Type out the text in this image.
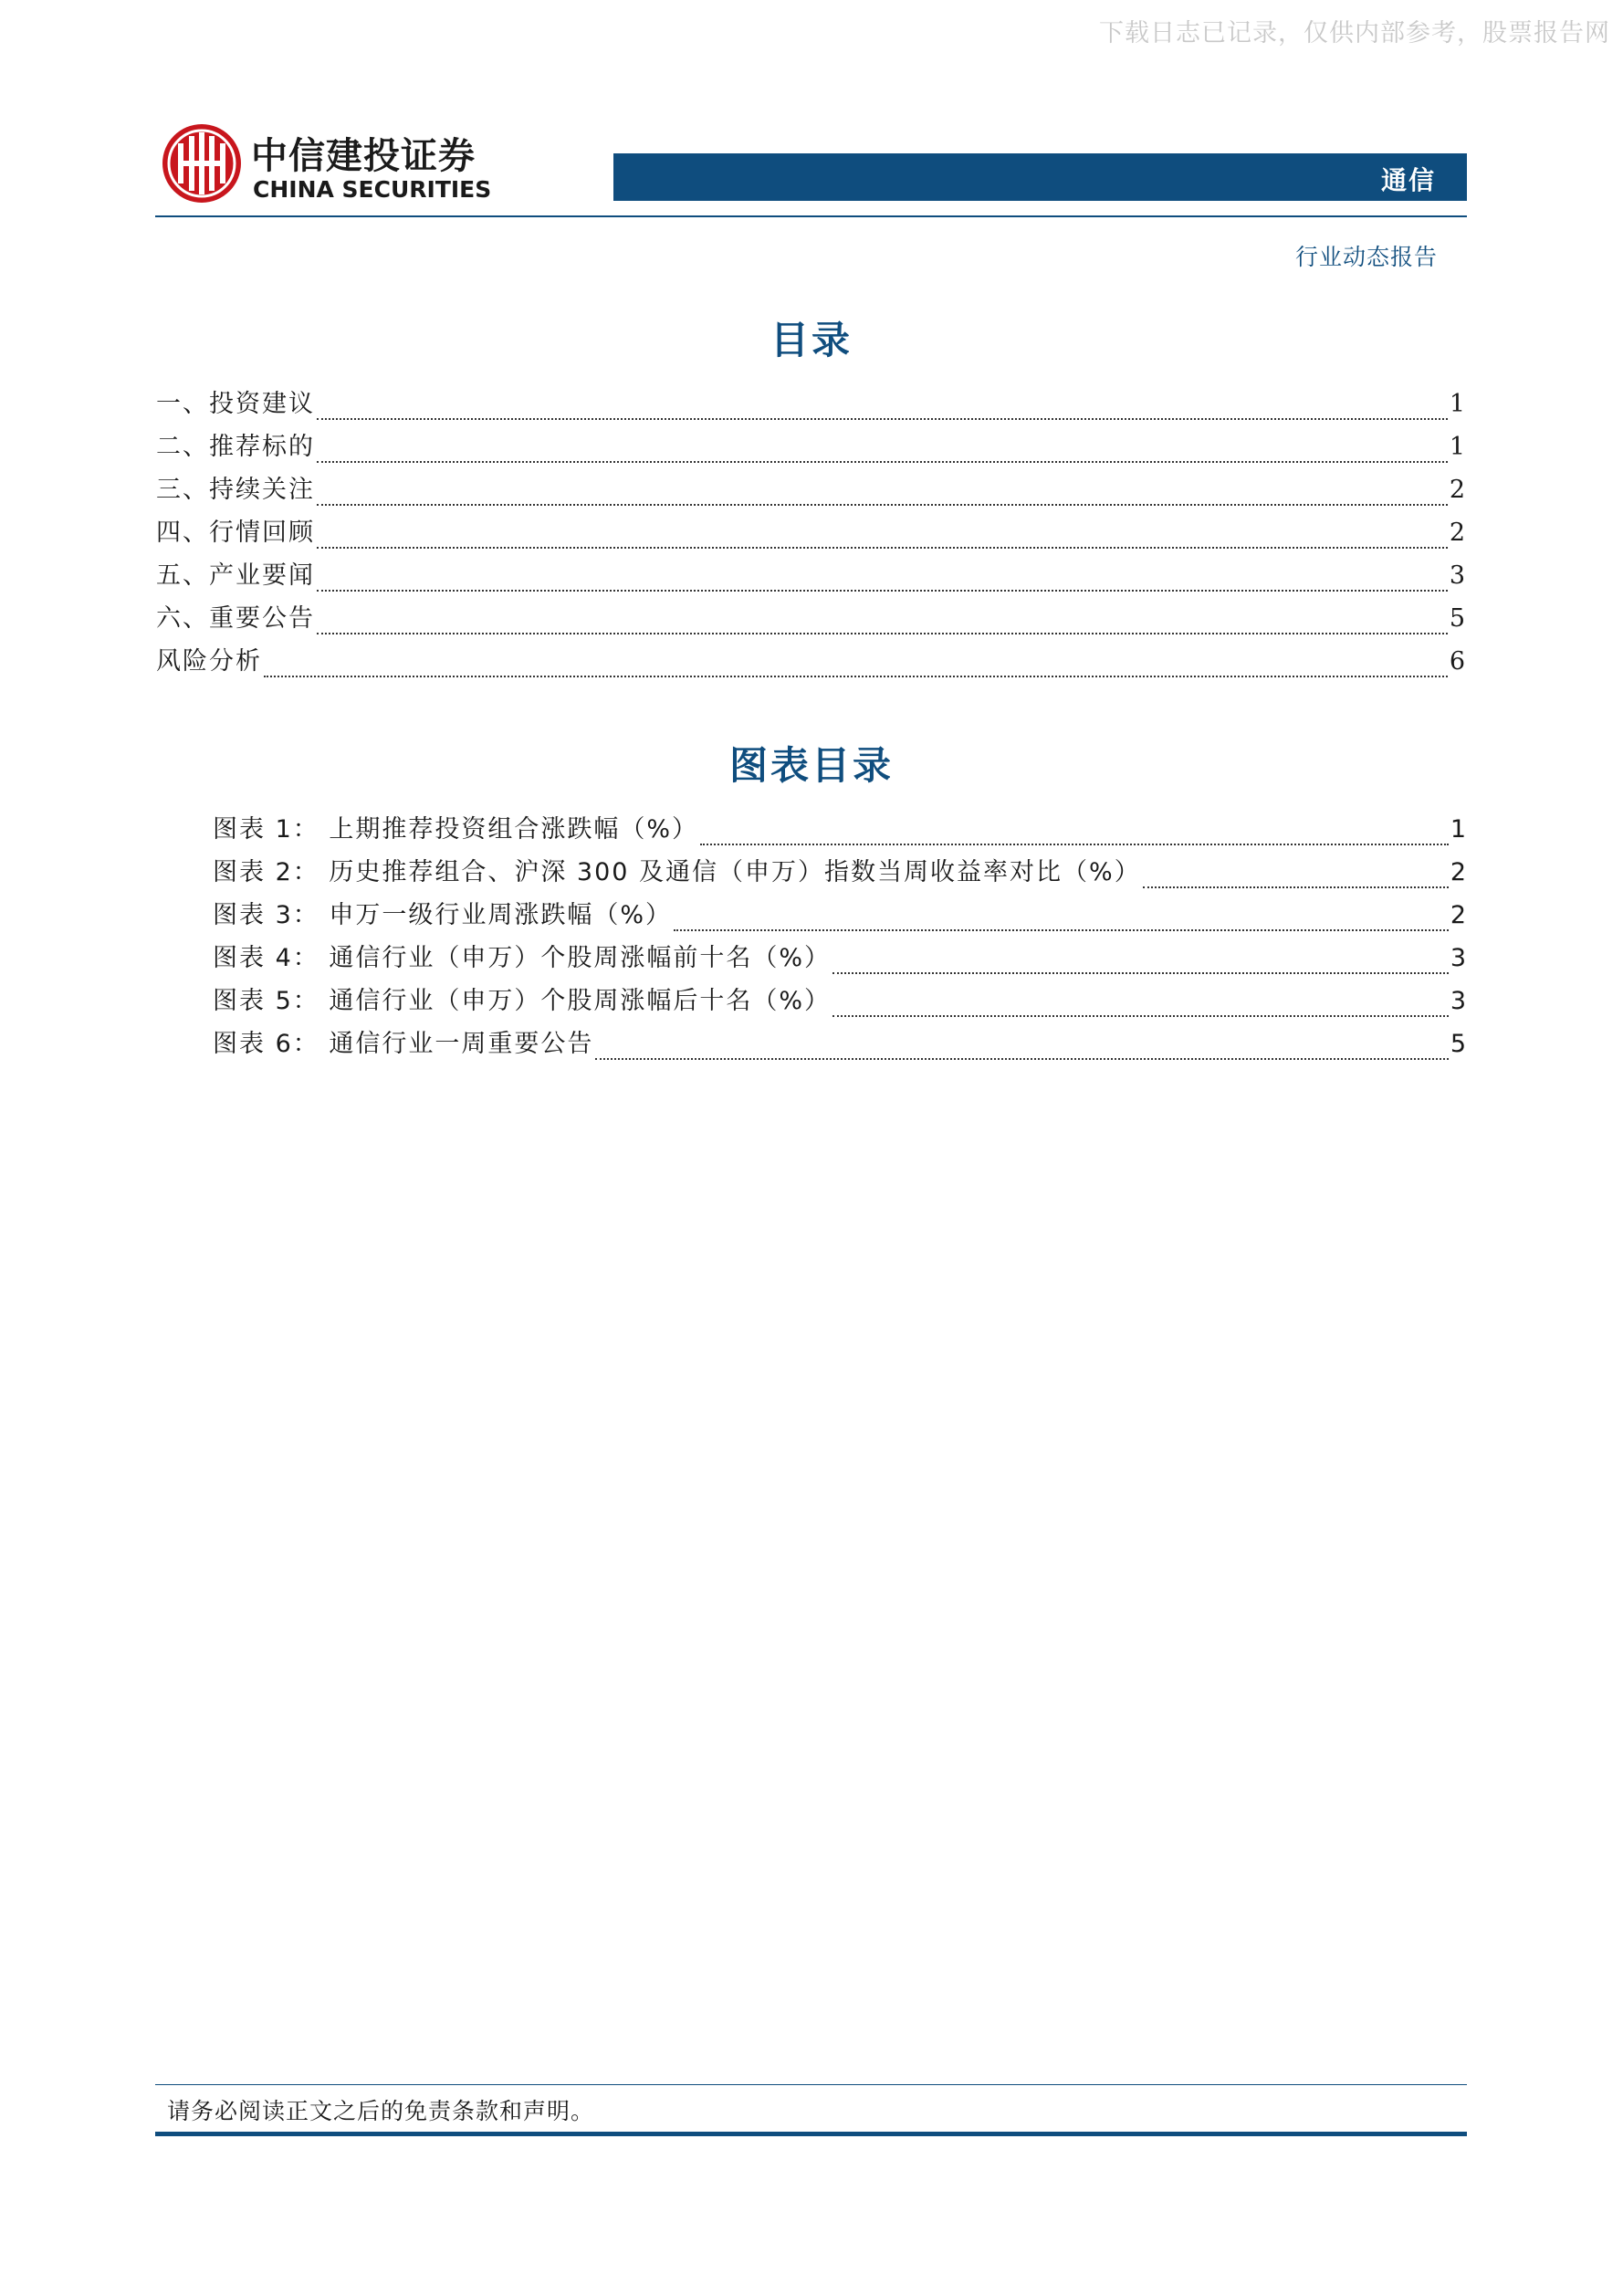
下载日志已记录，仅供内部参考，股票报告网
中信建投证券
CHINA SECURITIES	通信
行业动态报告
目录
一、投资建议	1
二、推荐标的	1
三、持续关注	2
四、行情回顾	2
五、产业要闻	3
六、重要公告	5
风险分析	6
图表目录
图表 1： 上期推荐投资组合涨跌幅（%）	1
图表 2： 历史推荐组合、沪深 300 及通信（申万）指数当周收益率对比（%）	2
图表 3： 申万一级行业周涨跌幅（%）	2
图表 4： 通信行业（申万）个股周涨幅前十名（%）	3
图表 5： 通信行业（申万）个股周涨幅后十名（%）	3
图表 6： 通信行业一周重要公告	5
请务必阅读正文之后的免责条款和声明。
